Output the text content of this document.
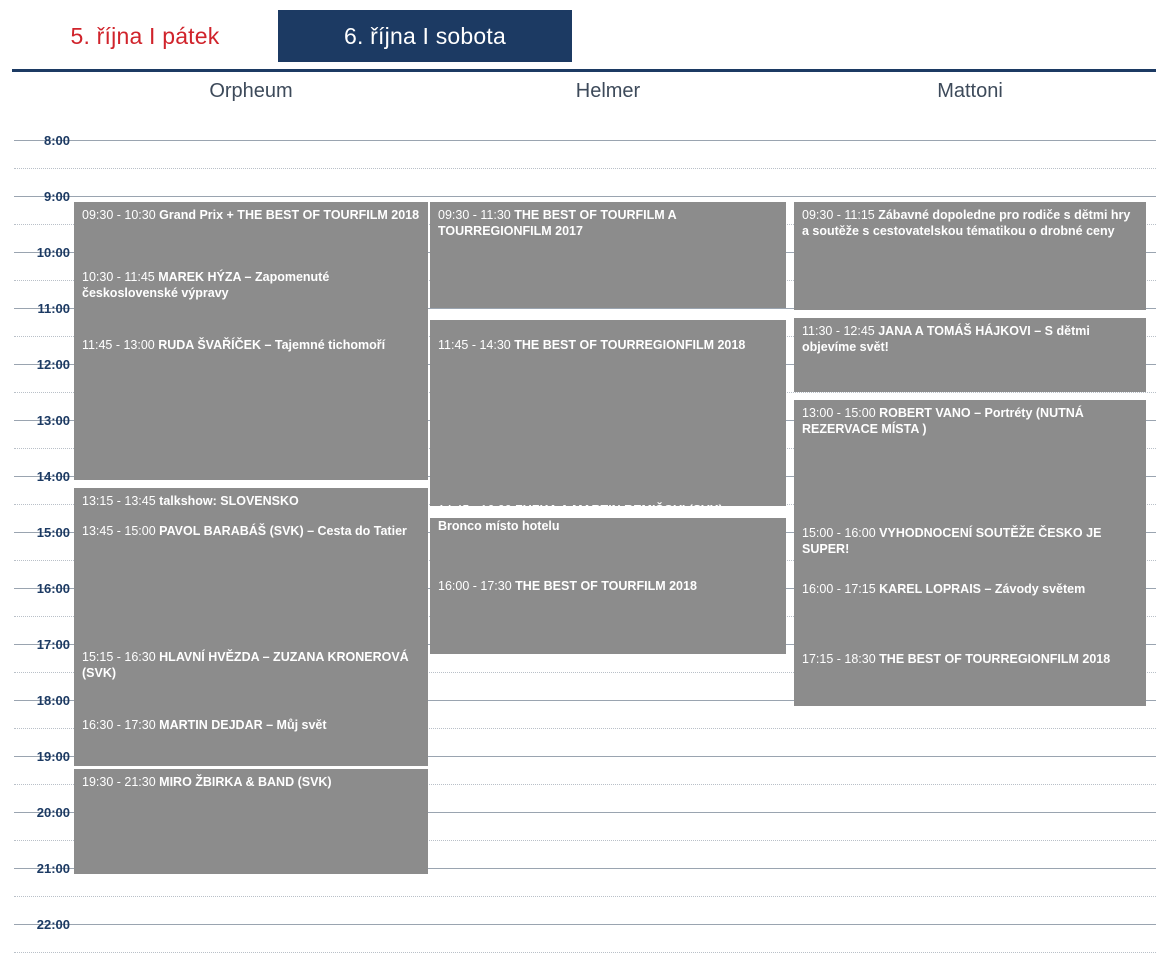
5. října I pátek	6. října I sobota
Orpheum	Helmer	Mattoni
8:00
9:00
10:00
11:00
12:00
13:00
14:00
15:00
16:00
17:00
18:00
19:00
20:00
21:00
22:00
09:30 - 10:30 Grand Prix + THE BEST OF TOURFILM 2018
10:30 - 11:45 MAREK HÝZA – Zapomenuté československé výpravy
11:45 - 13:00 RUDA ŠVAŘÍČEK – Tajemné tichomoří
13:15 - 13:45 talkshow: SLOVENSKO
13:45 - 15:00 PAVOL BARABÁŠ (SVK) – Cesta do Tatier
15:15 - 16:30 HLAVNÍ HVĚZDA – ZUZANA KRONEROVÁ (SVK)
16:30 - 17:30 MARTIN DEJDAR – Můj svět
19:30 - 21:30 MIRO ŽBIRKA & BAND (SVK)
09:30 - 11:30 THE BEST OF TOURFILM A TOURREGIONFILM 2017
11:45 - 14:30 THE BEST OF TOURREGIONFILM 2018
14:45 - 16:00 ZUZKA A MARTIN REMIŠOVI (SVK) – Bronco místo hotelu
16:00 - 17:30 THE BEST OF TOURFILM 2018
09:30 - 11:15 Zábavné dopoledne pro rodiče s dětmi hry a soutěže s cestovatelskou tématikou o drobné ceny
11:30 - 12:45 JANA A TOMÁŠ HÁJKOVI – S dětmi objevíme svět!
13:00 - 15:00 ROBERT VANO – Portréty (NUTNÁ REZERVACE MÍSTA )
15:00 - 16:00 VYHODNOCENÍ SOUTĚŽE ČESKO JE SUPER!
16:00 - 17:15 KAREL LOPRAIS – Závody světem
17:15 - 18:30 THE BEST OF TOURREGIONFILM 2018
